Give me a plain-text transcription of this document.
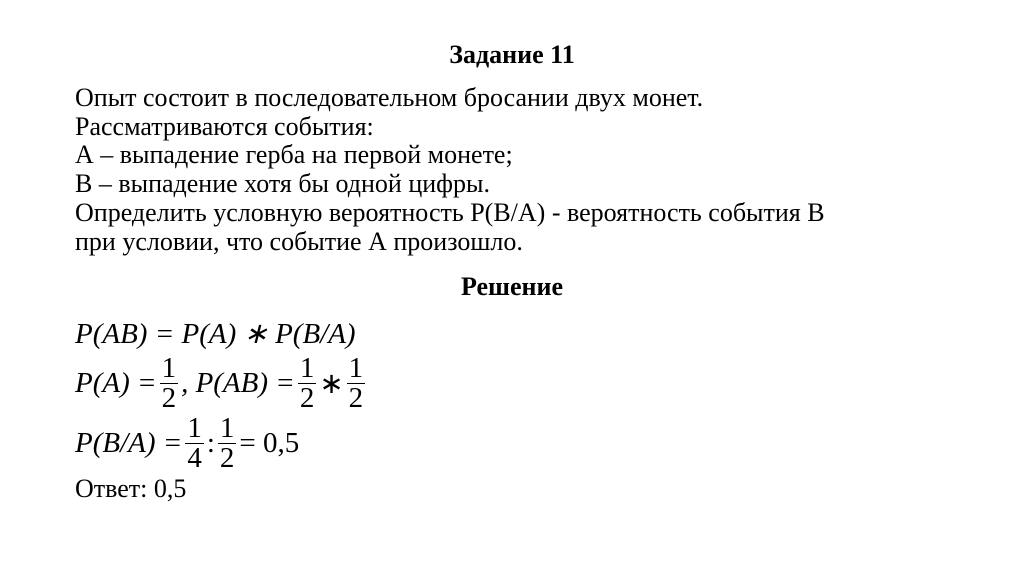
Задание 11
Опыт состоит в последовательном бросании двух монет.
Рассматриваются события:
А – выпадение герба на первой монете;
В – выпадение хотя бы одной цифры.
Определить условную вероятность Р(В/А) - вероятность события В
при условии, что событие А произошло.
Решение
P(AB) = P(A) ∗ P(B/A)
$P(A) = \frac{1}{2}$ , $P(AB) = \frac{1}{2}$ ∗ $\frac{1}{2}$
$P(B/A) = \frac{1}{4}$ : $\frac{1}{2} = 0,5$
Ответ: 0,5
